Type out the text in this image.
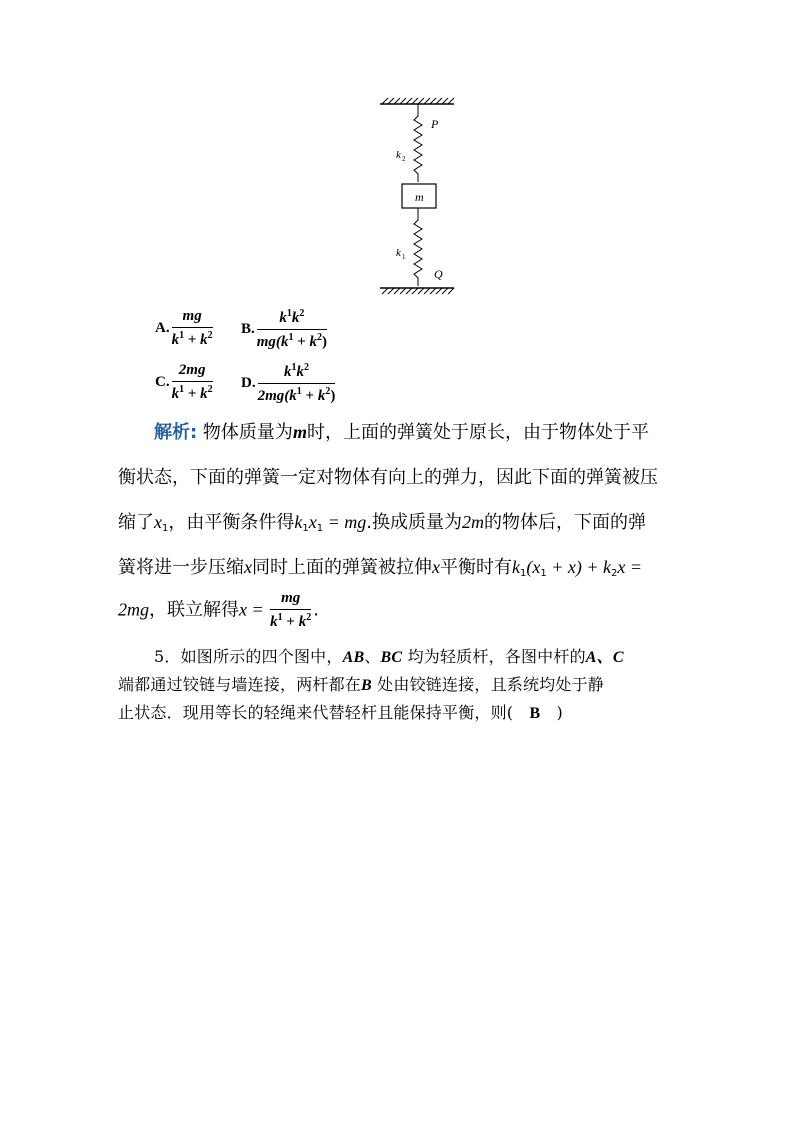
P
Q
m
k 2
k 1
A. $\frac{mg}{k^1 + k^2} B$. $\frac{k^1k^2}{mg(k^1 + k^2)}$
C. $\frac{2mg}{k^1 + k^2} D$. $\frac{k^1k^2}{2mg(k^1 + k^2)}$
解析: 物体质量为m时，上面的弹簧处于原长，由于物体处于平
衡状态，下面的弹簧一定对物体有向上的弹力，因此下面的弹簧被压
缩了$x_1$，由平衡条件得$k_1x_1$ = mg.换成质量为2m的物体后，下面的弹
簧将进一步压缩x同时上面的弹簧被拉伸x平衡时有$k_1(x_1 + x) + k_2x$ =
2mg，联立解得$x = \frac{mg}{k^1 + k^2}$ .
5．如图所示的四个图中，AB、BC 均为轻质杆，各图中杆的A、C
端都通过铰链与墙连接，两杆都在B 处由铰链连接，且系统均处于静
止状态．现用等长的轻绳来代替轻杆且能保持平衡，则(　B　)
